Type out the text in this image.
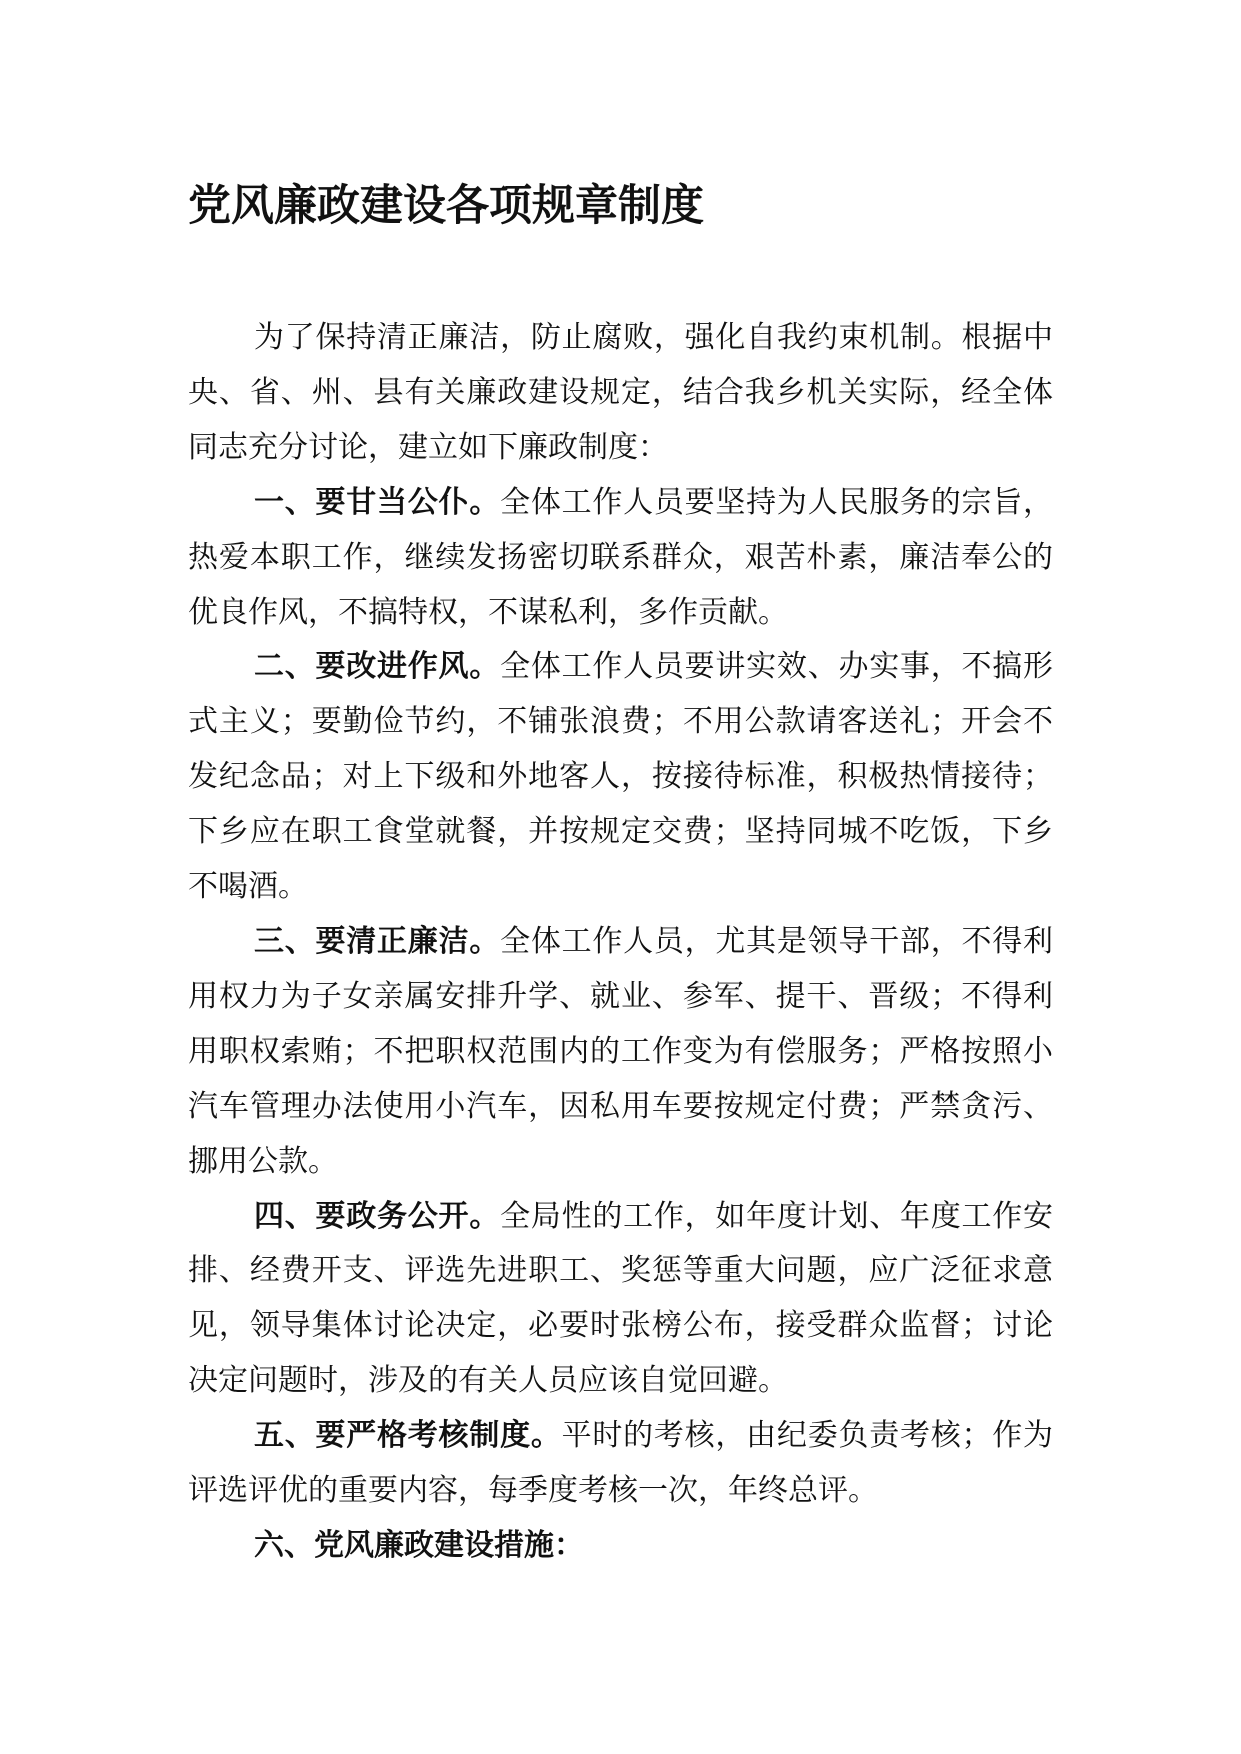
党风廉政建设各项规章制度

为了保持清正廉洁，防止腐败，强化自我约束机制。根据中央、省、州、县有关廉政建设规定，结合我乡机关实际，经全体同志充分讨论，建立如下廉政制度：

一、要甘当公仆。全体工作人员要坚持为人民服务的宗旨，热爱本职工作，继续发扬密切联系群众，艰苦朴素，廉洁奉公的优良作风，不搞特权，不谋私利，多作贡献。

二、要改进作风。全体工作人员要讲实效、办实事，不搞形式主义；要勤俭节约，不铺张浪费；不用公款请客送礼；开会不发纪念品；对上下级和外地客人，按接待标准，积极热情接待；下乡应在职工食堂就餐，并按规定交费；坚持同城不吃饭，下乡不喝酒。

三、要清正廉洁。全体工作人员，尤其是领导干部，不得利用权力为子女亲属安排升学、就业、参军、提干、晋级；不得利用职权索贿；不把职权范围内的工作变为有偿服务；严格按照小汽车管理办法使用小汽车，因私用车要按规定付费；严禁贪污、挪用公款。

四、要政务公开。全局性的工作，如年度计划、年度工作安排、经费开支、评选先进职工、奖惩等重大问题，应广泛征求意见，领导集体讨论决定，必要时张榜公布，接受群众监督；讨论决定问题时，涉及的有关人员应该自觉回避。

五、要严格考核制度。平时的考核，由纪委负责考核；作为评选评优的重要内容，每季度考核一次，年终总评。

六、党风廉政建设措施：
